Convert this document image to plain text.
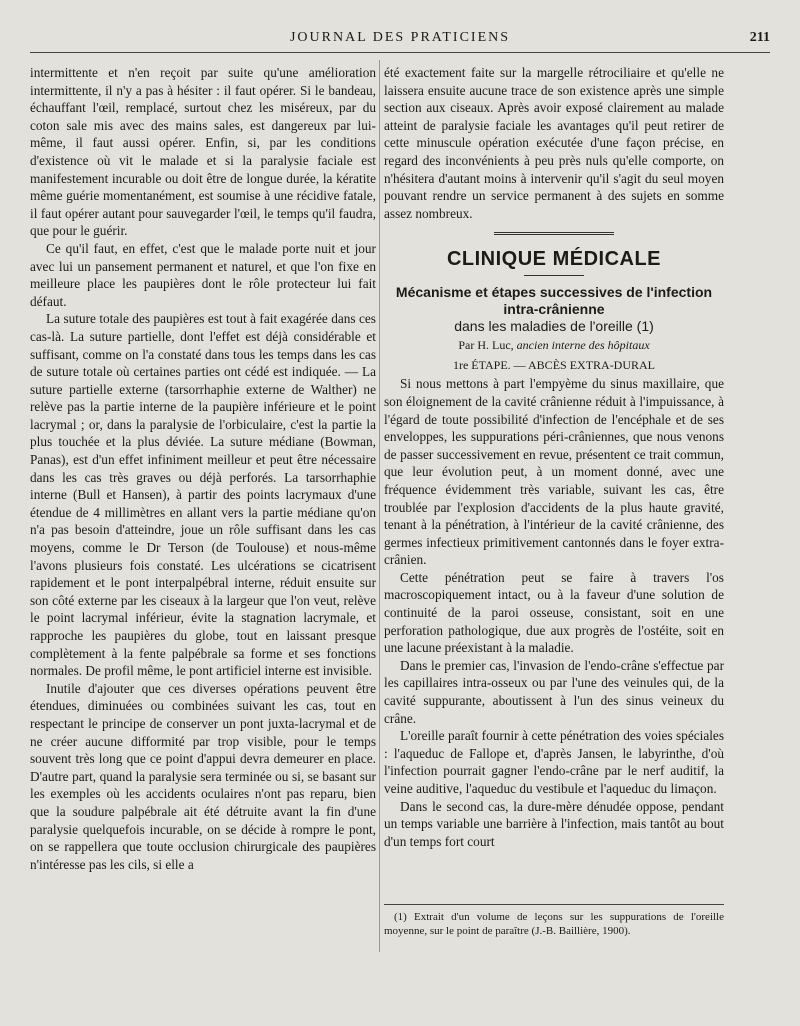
JOURNAL DES PRATICIENS	211

intermittente et n'en reçoit par suite qu'une amélioration intermittente, il n'y a pas à hésiter : il faut opérer. Si le bandeau, échauffant l'œil, remplacé, surtout chez les miséreux, par du coton sale mis avec des mains sales, est dangereux par lui-même, il faut aussi opérer. Enfin, si, par les conditions d'existence où vit le malade et si la paralysie faciale est manifestement incurable ou doit être de longue durée, la kératite même guérie momentanément, est soumise à une récidive fatale, il faut opérer autant pour sauvegarder l'œil, le temps qu'il faudra, que pour le guérir.

Ce qu'il faut, en effet, c'est que le malade porte nuit et jour avec lui un pansement permanent et naturel, et que l'on fixe en meilleure place les paupières dont le rôle protecteur lui fait défaut.

La suture totale des paupières est tout à fait exagérée dans ces cas-là. La suture partielle, dont l'effet est déjà considérable et suffisant, comme on l'a constaté dans tous les temps dans les cas de suture totale où certaines parties ont cédé est indiquée. — La suture partielle externe (tarsorrhaphie externe de Walther) ne relève pas la partie interne de la paupière inférieure et le point lacrymal ; or, dans la paralysie de l'orbiculaire, c'est la partie la plus touchée et la plus déviée. La suture médiane (Bowman, Panas), est d'un effet infiniment meilleur et peut être nécessaire dans les cas très graves ou déjà perforés. La tarsorrhaphie interne (Bull et Hansen), à partir des points lacrymaux d'une étendue de 4 millimètres en allant vers la partie médiane qu'on n'a pas besoin d'atteindre, joue un rôle suffisant dans les cas moyens, comme le Dr Terson (de Toulouse) et nous-même l'avons plusieurs fois constaté. Les ulcérations se cicatrisent rapidement et le pont interpalpébral interne, réduit ensuite sur son côté externe par les ciseaux à la largeur que l'on veut, relève le point lacrymal inférieur, évite la stagnation lacrymale, et rapproche les paupières du globe, tout en laissant presque complètement à la fente palpébrale sa forme et ses fonctions normales. De profil même, le pont artificiel interne est invisible.

Inutile d'ajouter que ces diverses opérations peuvent être étendues, diminuées ou combinées suivant les cas, tout en respectant le principe de conserver un pont juxta-lacrymal et de ne créer aucune difformité par trop visible, pour le temps souvent très long que ce point d'appui devra demeurer en place. D'autre part, quand la paralysie sera terminée ou si, se basant sur les exemples où les accidents oculaires n'ont pas reparu, bien que la soudure palpébrale ait été détruite avant la fin d'une paralysie quelquefois incurable, on se décide à rompre le pont, on se rappellera que toute occlusion chirurgicale des paupières n'intéresse pas les cils, si elle a

été exactement faite sur la margelle rétrociliaire et qu'elle ne laissera ensuite aucune trace de son existence après une simple section aux ciseaux. Après avoir exposé clairement au malade atteint de paralysie faciale les avantages qu'il peut retirer de cette minuscule opération exécutée d'une façon précise, en regard des inconvénients à peu près nuls qu'elle comporte, on n'hésitera d'autant moins à intervenir qu'il s'agit du seul moyen pouvant rendre un service permanent à des sujets en somme assez nombreux.

CLINIQUE MÉDICALE
Mécanisme et étapes successives de l'infection intra-crânienne
dans les maladies de l'oreille (1)
Par H. Luc, ancien interne des hôpitaux
1re ÉTAPE. — ABCÈS EXTRA-DURAL

Si nous mettons à part l'empyème du sinus maxillaire, que son éloignement de la cavité crânienne réduit à l'impuissance, à l'égard de toute possibilité d'infection de l'encéphale et de ses enveloppes, les suppurations péri-crâniennes, que nous venons de passer successivement en revue, présentent ce trait commun, que leur évolution peut, à un moment donné, avec une fréquence évidemment très variable, suivant les cas, être troublée par l'explosion d'accidents de la plus haute gravité, tenant à la pénétration, à l'intérieur de la cavité crânienne, des germes infectieux primitivement cantonnés dans le foyer extra-crânien.

Cette pénétration peut se faire à travers l'os macroscopiquement intact, ou à la faveur d'une solution de continuité de la paroi osseuse, consistant, soit en une perforation pathologique, due aux progrès de l'ostéite, soit en une lacune préexistant à la maladie.

Dans le premier cas, l'invasion de l'endo-crâne s'effectue par les capillaires intra-osseux ou par l'une des veinules qui, de la cavité suppurante, aboutissent à l'un des sinus veineux du crâne.

L'oreille paraît fournir à cette pénétration des voies spéciales : l'aqueduc de Fallope et, d'après Jansen, le labyrinthe, d'où l'infection pourrait gagner l'endo-crâne par le nerf auditif, la veine auditive, l'aqueduc du vestibule et l'aqueduc du limaçon.

Dans le second cas, la dure-mère dénudée oppose, pendant un temps variable une barrière à l'infection, mais tantôt au bout d'un temps fort court

(1) Extrait d'un volume de leçons sur les suppurations de l'oreille moyenne, sur le point de paraître (J.-B. Baillière, 1900).
